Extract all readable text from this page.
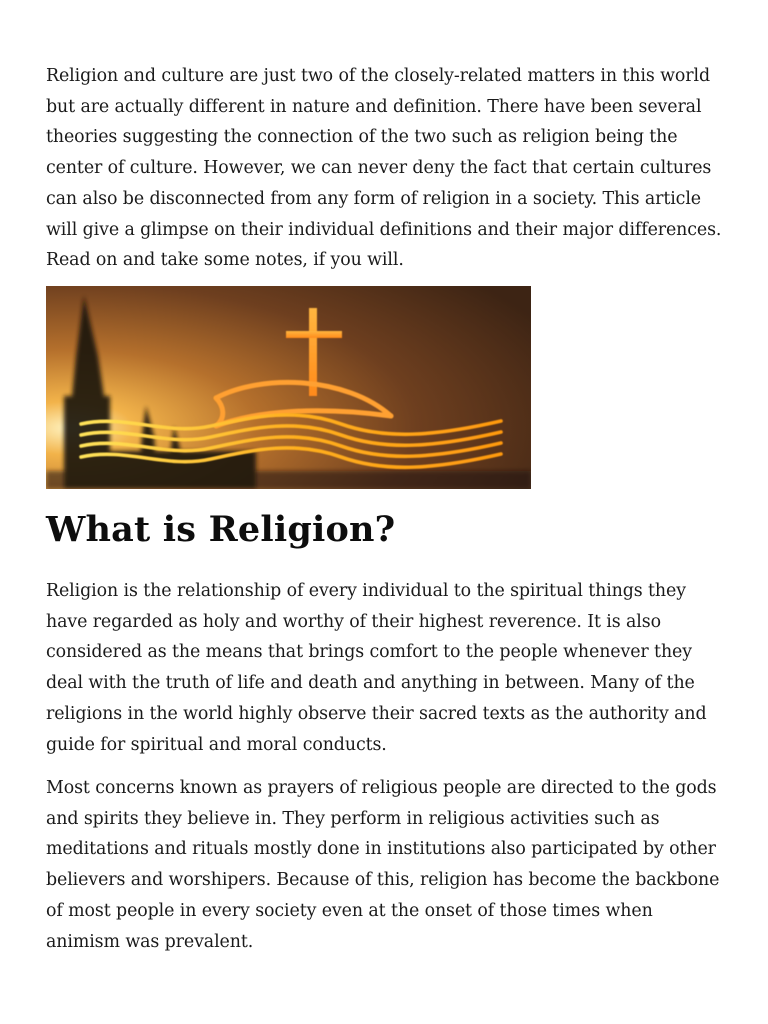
Religion and culture are just two of the closely-related matters in this world but are actually different in nature and definition. There have been several theories suggesting the connection of the two such as religion being the center of culture. However, we can never deny the fact that certain cultures can also be disconnected from any form of religion in a society. This article will give a glimpse on their individual definitions and their major differences. Read on and take some notes, if you will.

What is Religion?

Religion is the relationship of every individual to the spiritual things they have regarded as holy and worthy of their highest reverence. It is also considered as the means that brings comfort to the people whenever they deal with the truth of life and death and anything in between. Many of the religions in the world highly observe their sacred texts as the authority and guide for spiritual and moral conducts.

Most concerns known as prayers of religious people are directed to the gods and spirits they believe in. They perform in religious activities such as meditations and rituals mostly done in institutions also participated by other believers and worshipers. Because of this, religion has become the backbone of most people in every society even at the onset of those times when animism was prevalent.
